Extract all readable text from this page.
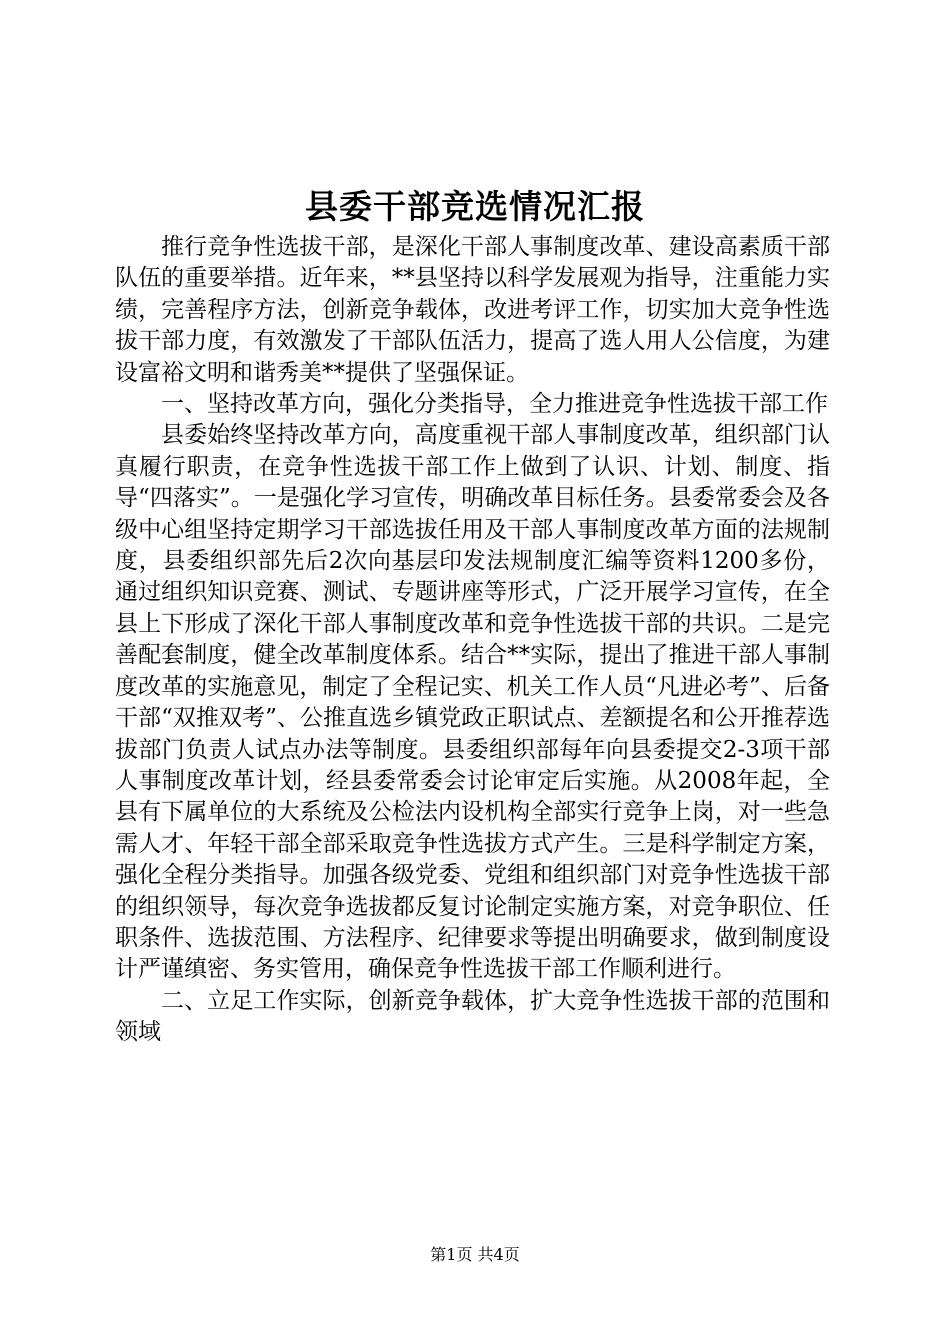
县委干部竞选情况汇报

推行竞争性选拔干部，是深化干部人事制度改革、建设高素质干部队伍的重要举措。近年来，**县坚持以科学发展观为指导，注重能力实绩，完善程序方法，创新竞争载体，改进考评工作，切实加大竞争性选拔干部力度，有效激发了干部队伍活力，提高了选人用人公信度，为建设富裕文明和谐秀美**提供了坚强保证。

一、坚持改革方向，强化分类指导，全力推进竞争性选拔干部工作

县委始终坚持改革方向，高度重视干部人事制度改革，组织部门认真履行职责，在竞争性选拔干部工作上做到了认识、计划、制度、指导“四落实”。一是强化学习宣传，明确改革目标任务。县委常委会及各级中心组坚持定期学习干部选拔任用及干部人事制度改革方面的法规制度，县委组织部先后2次向基层印发法规制度汇编等资料1200多份，通过组织知识竞赛、测试、专题讲座等形式，广泛开展学习宣传，在全县上下形成了深化干部人事制度改革和竞争性选拔干部的共识。二是完善配套制度，健全改革制度体系。结合**实际，提出了推进干部人事制度改革的实施意见，制定了全程记实、机关工作人员“凡进必考”、后备干部“双推双考”、公推直选乡镇党政正职试点、差额提名和公开推荐选拔部门负责人试点办法等制度。县委组织部每年向县委提交2-3项干部人事制度改革计划，经县委常委会讨论审定后实施。从2008年起，全县有下属单位的大系统及公检法内设机构全部实行竞争上岗，对一些急需人才、年轻干部全部采取竞争性选拔方式产生。三是科学制定方案，强化全程分类指导。加强各级党委、党组和组织部门对竞争性选拔干部的组织领导，每次竞争选拔都反复讨论制定实施方案，对竞争职位、任职条件、选拔范围、方法程序、纪律要求等提出明确要求，做到制度设计严谨缜密、务实管用，确保竞争性选拔干部工作顺利进行。

二、立足工作实际，创新竞争载体，扩大竞争性选拔干部的范围和领域

第1页 共4页
